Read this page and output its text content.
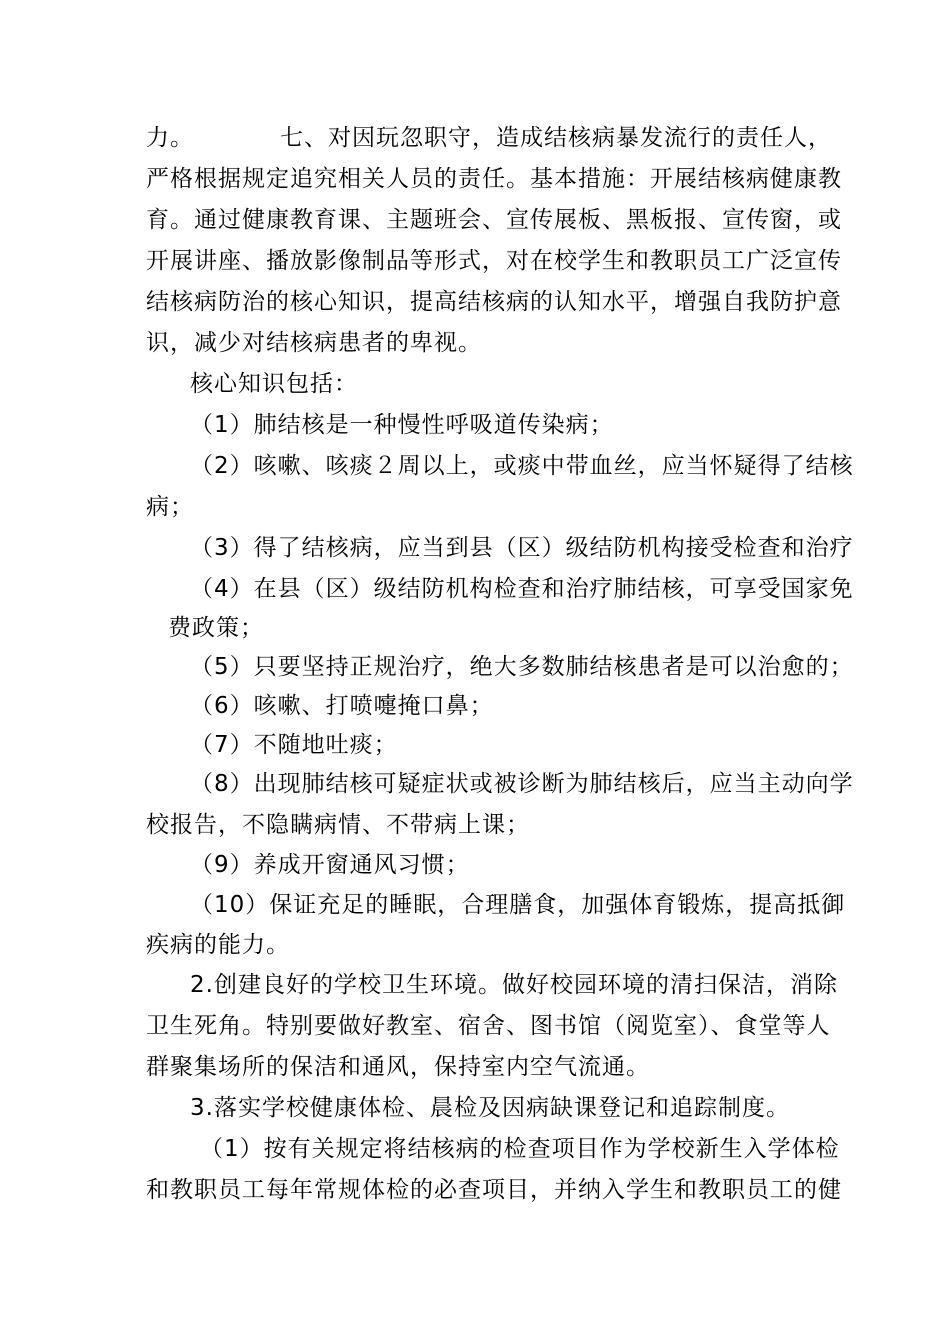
力。	七、对因玩忽职守，造成结核病暴发流行的责任人，

严格根据规定追究相关人员的责任。基本措施：开展结核病健康教

育。通过健康教育课、主题班会、宣传展板、黑板报、宣传窗，或

开展讲座、播放影像制品等形式，对在校学生和教职员工广泛宣传

结核病防治的核心知识，提高结核病的认知水平，增强自我防护意

识，减少对结核病患者的卑视。

核心知识包括：

（1）肺结核是一种慢性呼吸道传染病；

（2）咳嗽、咳痰２周以上，或痰中带血丝，应当怀疑得了结核

病；

（3）得了结核病，应当到县（区）级结防机构接受检查和治疗

（4）在县（区）级结防机构检查和治疗肺结核，可享受国家免

费政策；

（5）只要坚持正规治疗，绝大多数肺结核患者是可以治愈的；

（6）咳嗽、打喷嚏掩口鼻；

（7）不随地吐痰；

（8）出现肺结核可疑症状或被诊断为肺结核后，应当主动向学

校报告，不隐瞒病情、不带病上课；

（9）养成开窗通风习惯；

（10）保证充足的睡眠，合理膳食，加强体育锻炼，提高抵御

疾病的能力。

2.创建良好的学校卫生环境。做好校园环境的清扫保洁，消除

卫生死角。特别要做好教室、宿舍、图书馆（阅览室）、食堂等人

群聚集场所的保洁和通风，保持室内空气流通。

3.落实学校健康体检、晨检及因病缺课登记和追踪制度。

（1）按有关规定将结核病的检查项目作为学校新生入学体检

和教职员工每年常规体检的必查项目，并纳入学生和教职员工的健
